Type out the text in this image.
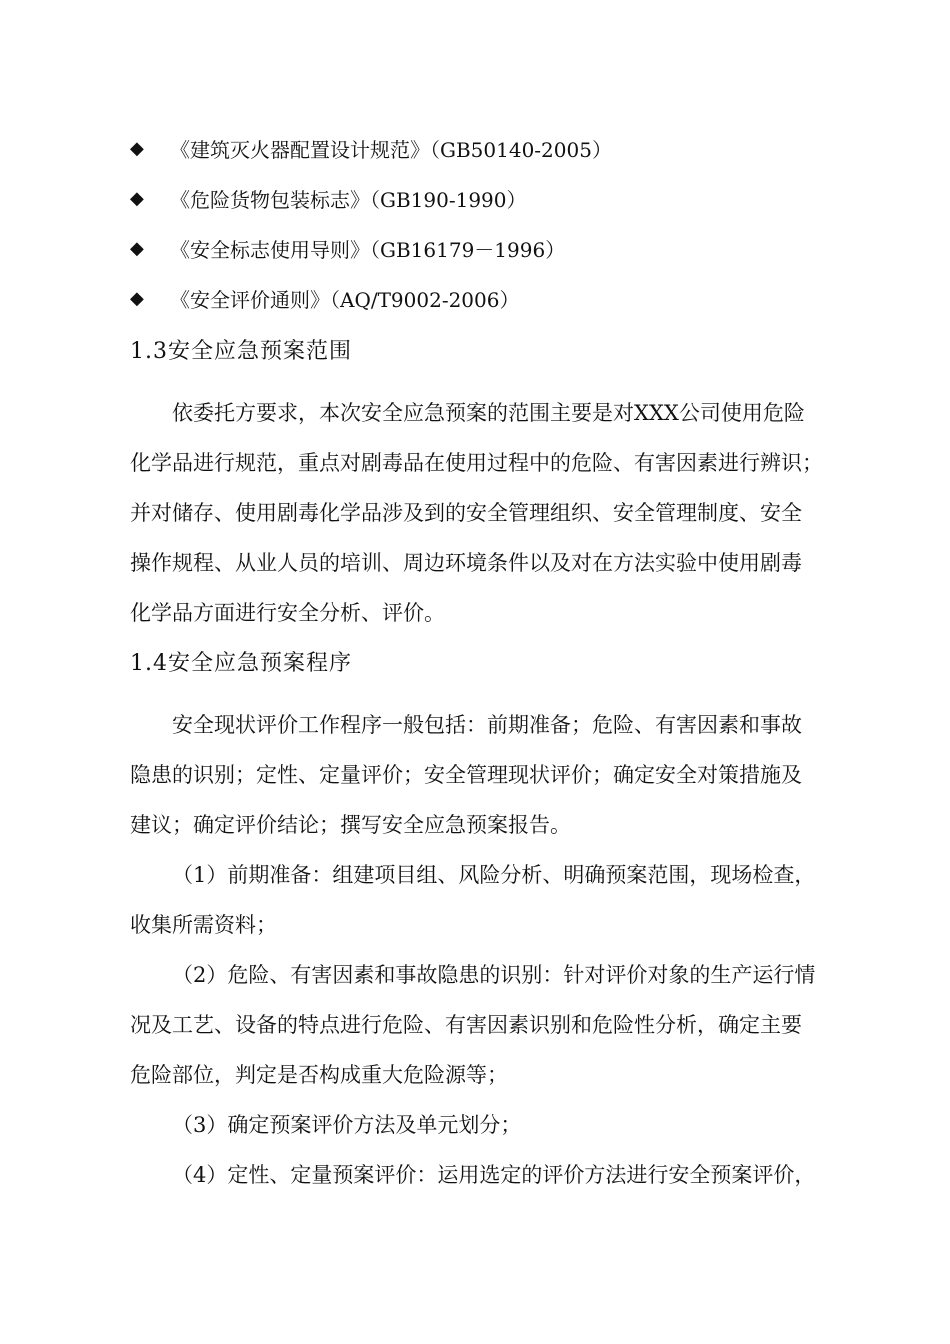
◆	《建筑灭火器配置设计规范》（GB50140-2005）
◆	《危险货物包装标志》（GB190-1990）
◆	《安全标志使用导则》（GB16179－1996）
◆	《安全评价通则》（AQ/T9002-2006）
1.3安全应急预案范围
依委托方要求，本次安全应急预案的范围主要是对XXX公司使用危险
化学品进行规范，重点对剧毒品在使用过程中的危险、有害因素进行辨识；
并对储存、使用剧毒化学品涉及到的安全管理组织、安全管理制度、安全
操作规程、从业人员的培训、周边环境条件以及对在方法实验中使用剧毒
化学品方面进行安全分析、评价。
1.4安全应急预案程序
安全现状评价工作程序一般包括：前期准备；危险、有害因素和事故
隐患的识别；定性、定量评价；安全管理现状评价；确定安全对策措施及
建议；确定评价结论；撰写安全应急预案报告。
（1）前期准备：组建项目组、风险分析、明确预案范围，现场检查，
收集所需资料；
（2）危险、有害因素和事故隐患的识别：针对评价对象的生产运行情
况及工艺、设备的特点进行危险、有害因素识别和危险性分析，确定主要
危险部位，判定是否构成重大危险源等；
（3）确定预案评价方法及单元划分；
（4）定性、定量预案评价：运用选定的评价方法进行安全预案评价，
